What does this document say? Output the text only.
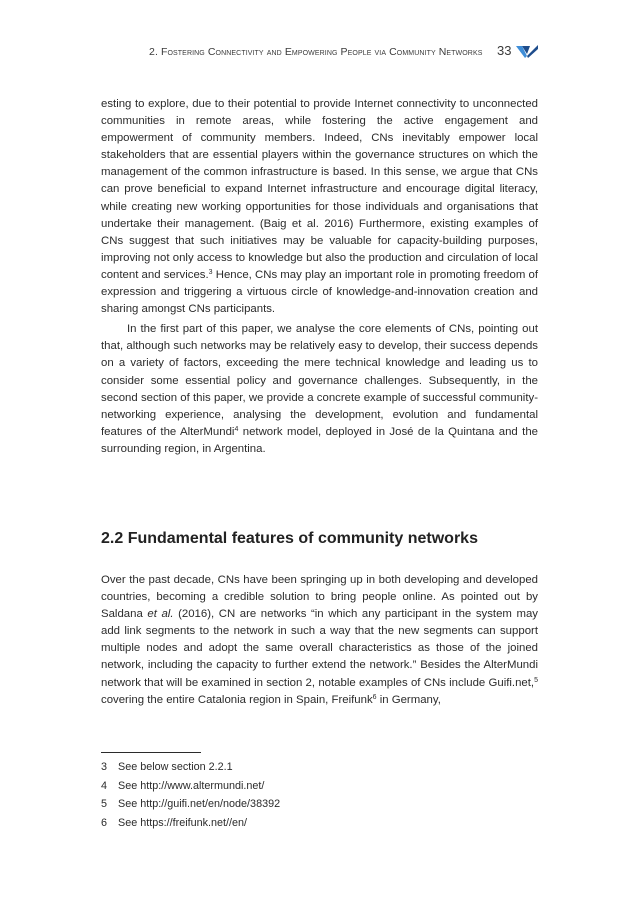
2. Fostering Connectivity and Empowering People via Community Networks 33

esting to explore, due to their potential to provide Internet connectivity to unconnected communities in remote areas, while fostering the active engagement and empowerment of community members. Indeed, CNs inevitably empower local stakeholders that are essential players within the governance structures on which the management of the common infrastructure is based. In this sense, we argue that CNs can prove beneficial to expand Internet infrastructure and encourage digital literacy, while creating new working opportunities for those individuals and organisations that undertake their management. (Baig et al. 2016) Furthermore, existing examples of CNs suggest that such initiatives may be valuable for capacity-building purposes, improving not only access to knowledge but also the production and circulation of local content and services.$^3$ Hence, CNs may play an important role in promoting freedom of expression and triggering a virtuous circle of knowledge-and-innovation creation and sharing amongst CNs participants.

In the first part of this paper, we analyse the core elements of CNs, pointing out that, although such networks may be relatively easy to develop, their success depends on a variety of factors, exceeding the mere technical knowledge and leading us to consider some essential policy and governance challenges. Subsequently, in the second section of this paper, we provide a concrete example of successful community-networking experience, analysing the development, evolution and fundamental features of the AlterMundi$^4$ network model, deployed in José de la Quintana and the surrounding region, in Argentina.

2.2 Fundamental features of community networks

Over the past decade, CNs have been springing up in both developing and developed countries, becoming a credible solution to bring people online. As pointed out by Saldana et al. (2016), CN are networks “in which any participant in the system may add link segments to the network in such a way that the new segments can support multiple nodes and adopt the same overall characteristics as those of the joined network, including the capacity to further extend the network.” Besides the AlterMundi network that will be examined in section 2, notable examples of CNs include Guifi.net,$^5$ covering the entire Catalonia region in Spain, Freifunk$^6$ in Germany,

3 See below section 2.2.1
4 See http://www.altermundi.net/
5 See http://guifi.net/en/node/38392
6 See https://freifunk.net//en/
